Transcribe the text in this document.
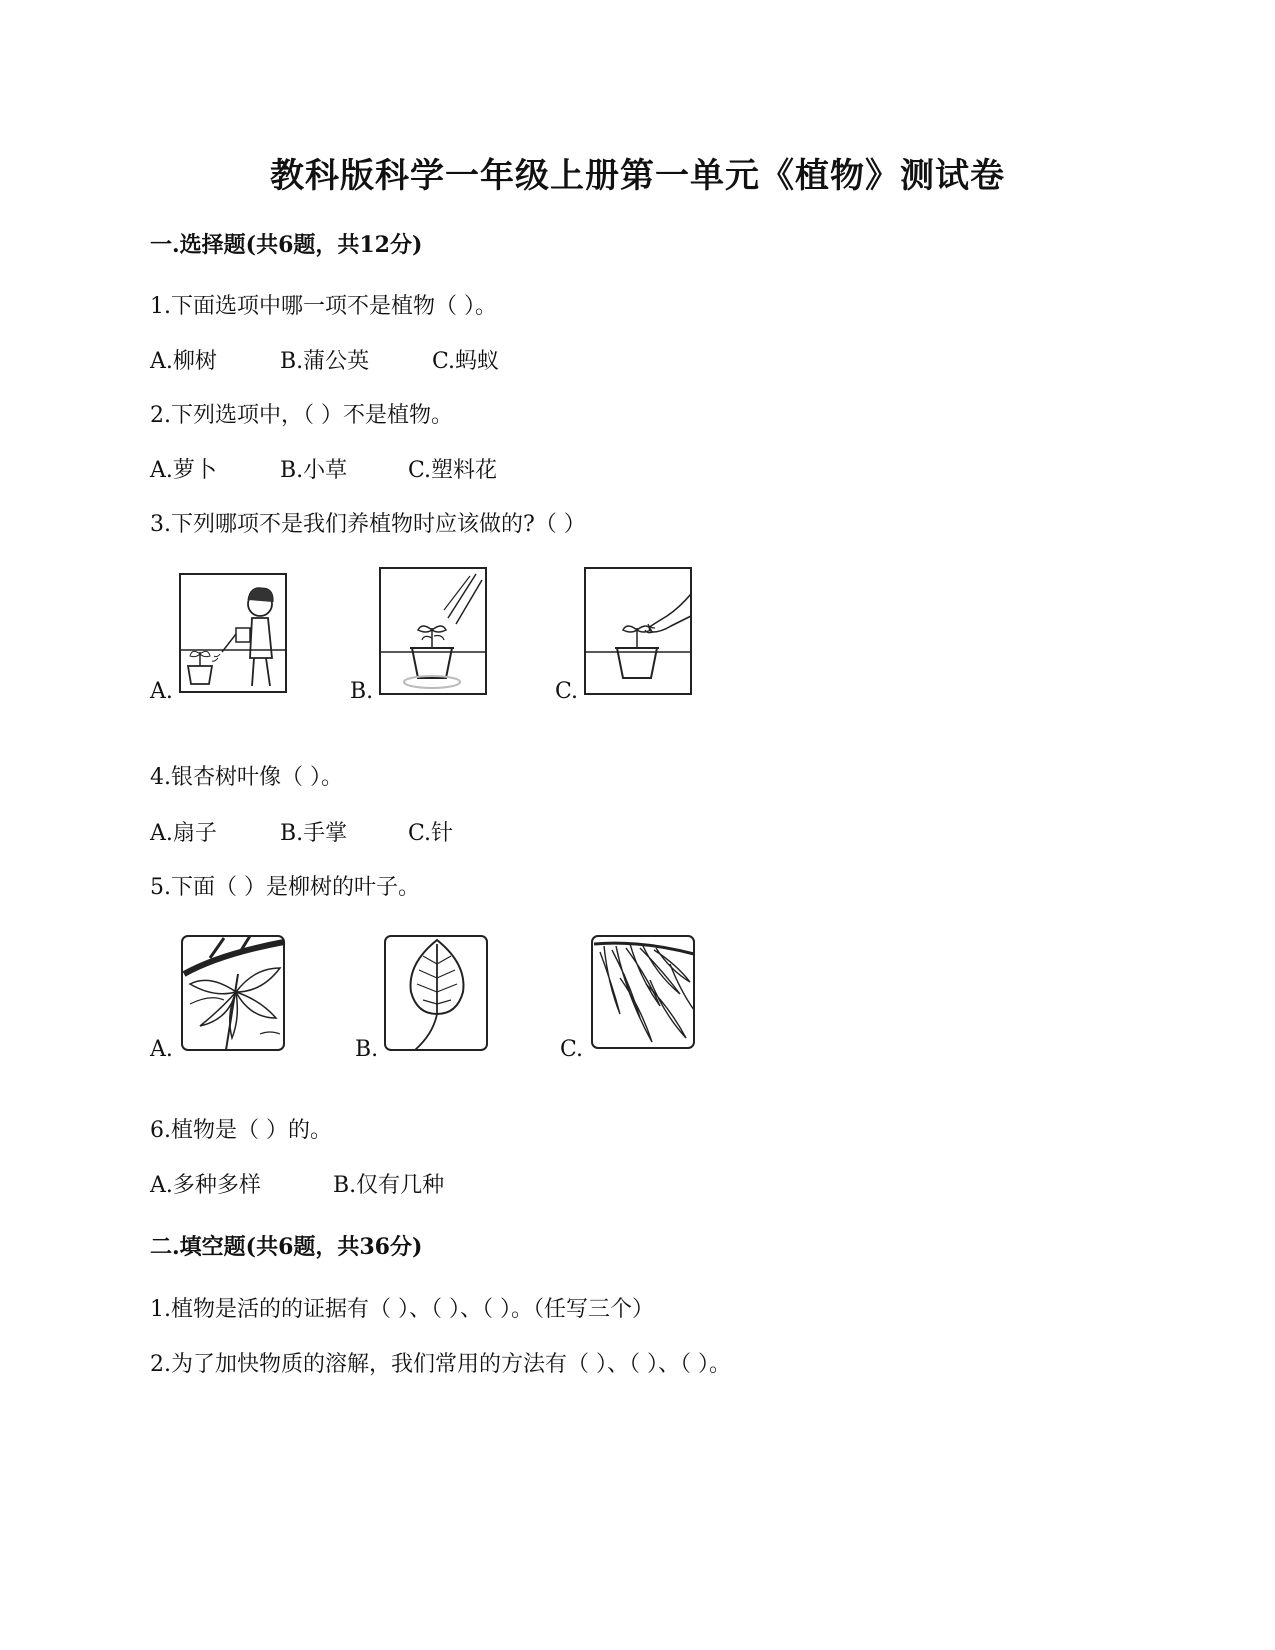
教科版科学一年级上册第一单元《植物》测试卷
一.选择题(共6题，共12分)
1.下面选项中哪一项不是植物（ ）。
A.柳树	B.蒲公英	C.蚂蚁
2.下列选项中，（ ）不是植物。
A.萝卜	B.小草	C.塑料花
3.下列哪项不是我们养植物时应该做的?（ ）
A.	B.	C.
4.银杏树叶像（ ）。
A.扇子	B.手掌	C.针
5.下面（ ）是柳树的叶子。
A.	B.	C.
6.植物是（ ）的。
A.多种多样	B.仅有几种
二.填空题(共6题，共36分)
1.植物是活的的证据有（ ）、（ ）、（ ）。（任写三个）
2.为了加快物质的溶解，我们常用的方法有（ ）、（ ）、（ ）。
